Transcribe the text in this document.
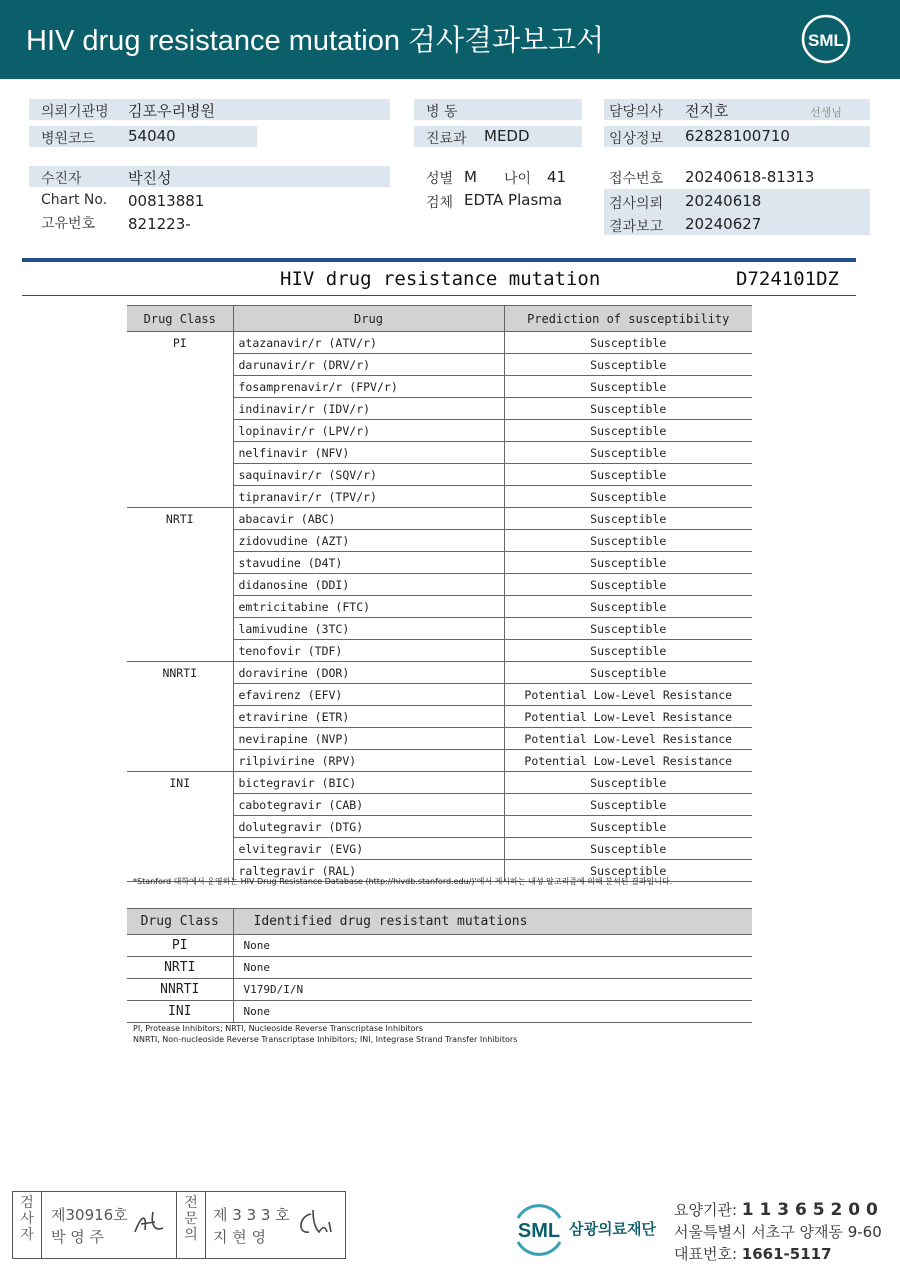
HIV drug resistance mutation 검사결과보고서	SML
의뢰기관명 김포우리병원
병원코드 54040
병 동
진료과 MEDD
담당의사 전지호	선생님
임상정보 62828100710
수진자	박진성
Chart No. 00813881
고유번호 821223-
성별 M 나이 41
검체 EDTA Plasma
접수번호 20240618-81313
검사의뢰 20240618
결과보고 20240627
HIV drug resistance mutation	D724101DZ
Drug Class	Drug	Prediction of susceptibility
PI	atazanavir/r (ATV/r)	Susceptible
	darunavir/r (DRV/r)	Susceptible
	fosamprenavir/r (FPV/r)	Susceptible
	indinavir/r (IDV/r)	Susceptible
	lopinavir/r (LPV/r)	Susceptible
	nelfinavir (NFV)	Susceptible
	saquinavir/r (SQV/r)	Susceptible
	tipranavir/r (TPV/r)	Susceptible
NRTI	abacavir (ABC)	Susceptible
	zidovudine (AZT)	Susceptible
	stavudine (D4T)	Susceptible
	didanosine (DDI)	Susceptible
	emtricitabine (FTC)	Susceptible
	lamivudine (3TC)	Susceptible
	tenofovir (TDF)	Susceptible
NNRTI	doravirine (DOR)	Susceptible
	efavirenz (EFV)	Potential Low-Level Resistance
	etravirine (ETR)	Potential Low-Level Resistance
	nevirapine (NVP)	Potential Low-Level Resistance
	rilpivirine (RPV)	Potential Low-Level Resistance
INI	bictegravir (BIC)	Susceptible
	cabotegravir (CAB)	Susceptible
	dolutegravir (DTG)	Susceptible
	elvitegravir (EVG)	Susceptible
	raltegravir (RAL)	Susceptible
*Stanford 대학에서 운영하는 HIV Drug Resistance Database (http://hivdb.stanford.edu/)'에서 게시하는 내성 알고리즘에 의해 분석된 결과입니다.
Drug Class	Identified drug resistant mutations
PI	None
NRTI	None
NNRTI	V179D/I/N
INI	None
PI, Protease Inhibitors; NRTI, Nucleoside Reverse Transcriptase Inhibitors
NNRTI, Non-nucleoside Reverse Transcriptase Inhibitors; INI, Integrase Strand Transfer Inhibitors
검
사
자
제30916호
박 영 주
전
문
의
제 3 3 3 호
지 현 영	SML 삼광의료재단
요양기관: 1 1 3 6 5 2 0 0
서울특별시 서초구 양재동 9-60
대표번호: 1661-5117
